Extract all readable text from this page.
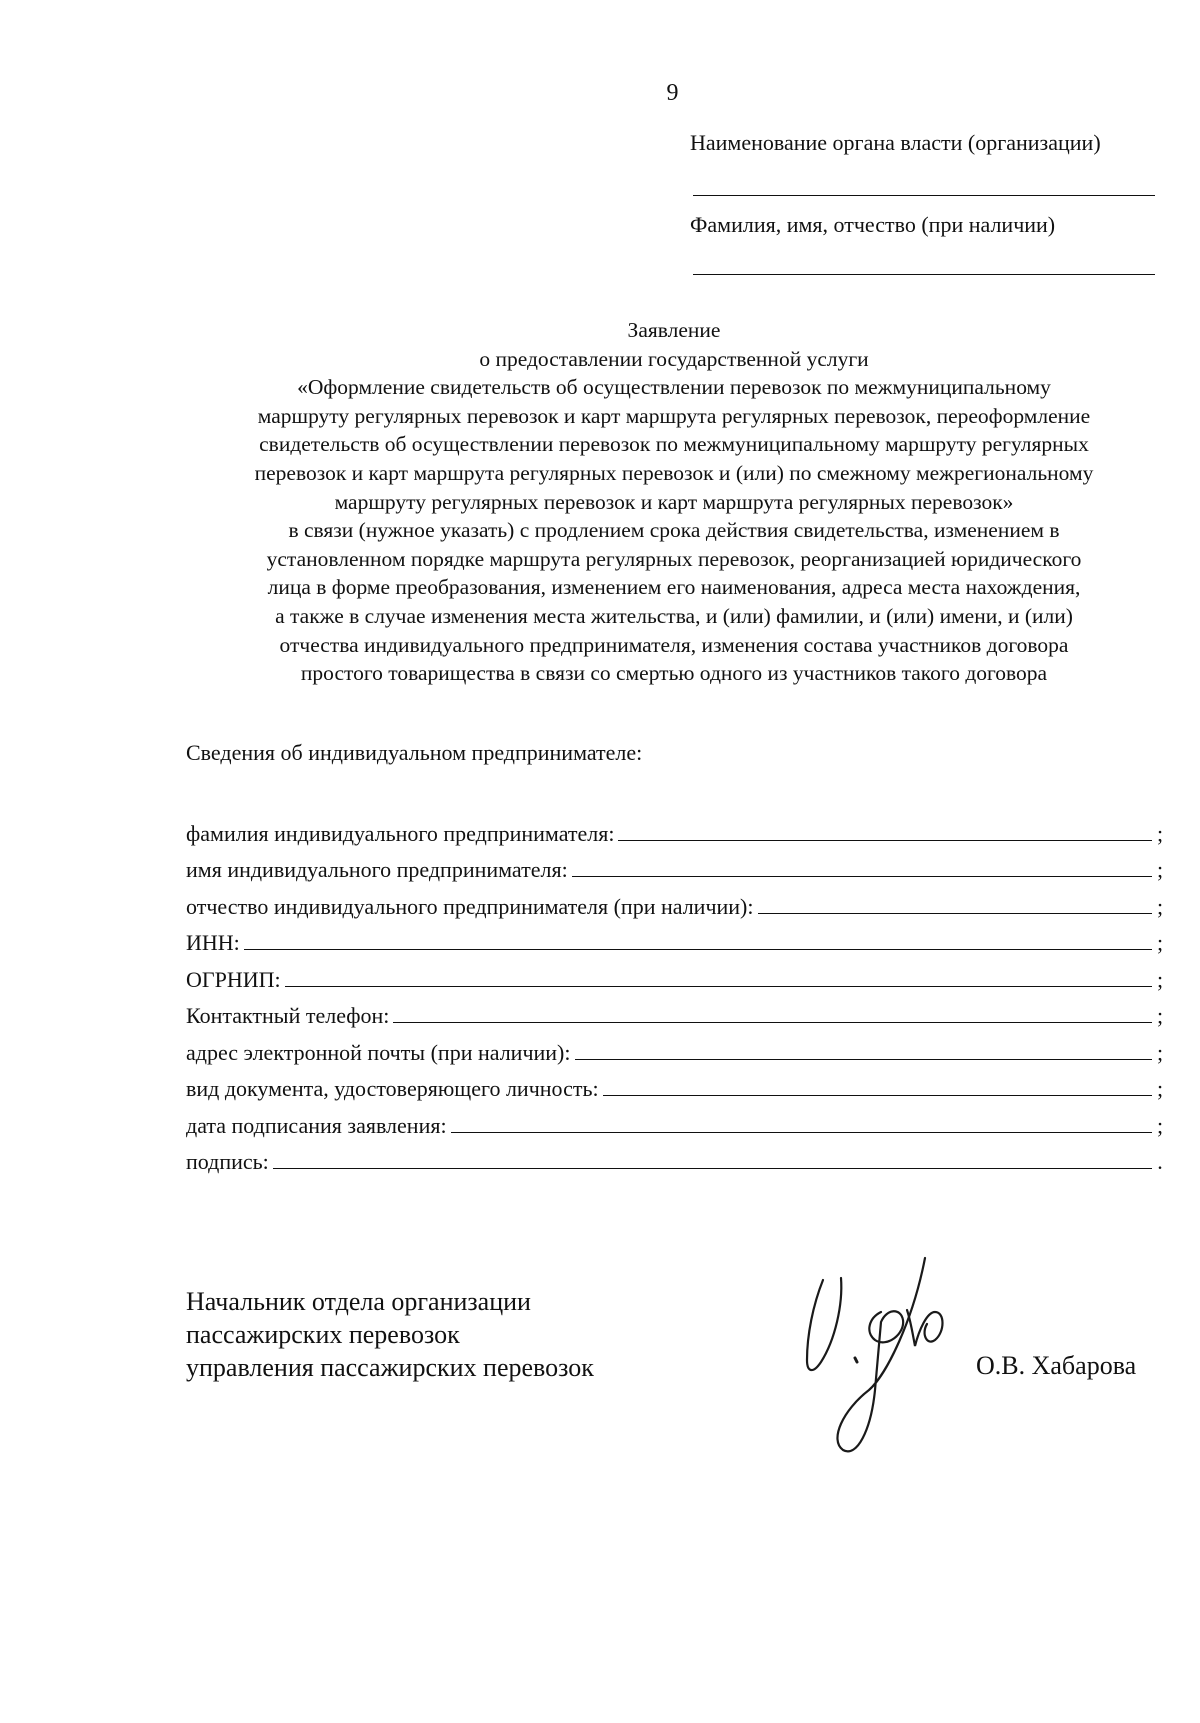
9
Наименование органа власти (организации)
Фамилия, имя, отчество (при наличии)
Заявление
о предоставлении государственной услуги
«Оформление свидетельств об осуществлении перевозок по межмуниципальному
маршруту регулярных перевозок и карт маршрута регулярных перевозок, переоформление
свидетельств об осуществлении перевозок по межмуниципальному маршруту регулярных
перевозок и карт маршрута регулярных перевозок и (или) по смежному межрегиональному
маршруту регулярных перевозок и карт маршрута регулярных перевозок»
в связи (нужное указать) с продлением срока действия свидетельства, изменением в
установленном порядке маршрута регулярных перевозок, реорганизацией юридического
лица в форме преобразования, изменением его наименования, адреса места нахождения,
а также в случае изменения места жительства, и (или) фамилии, и (или) имени, и (или)
отчества индивидуального предпринимателя, изменения состава участников договора
простого товарищества в связи со смертью одного из участников такого договора
Сведения об индивидуальном предпринимателе:
фамилия индивидуального предпринимателя:	;
имя индивидуального предпринимателя:	;
отчество индивидуального предпринимателя (при наличии):	;
ИНН:	;
ОГРНИП:	;
Контактный телефон:	;
адрес электронной почты (при наличии):	;
вид документа, удостоверяющего личность:	;
дата подписания заявления:	;
подпись:	.
Начальник отдела организации
пассажирских перевозок
управления пассажирских перевозок	О.В. Хабарова
